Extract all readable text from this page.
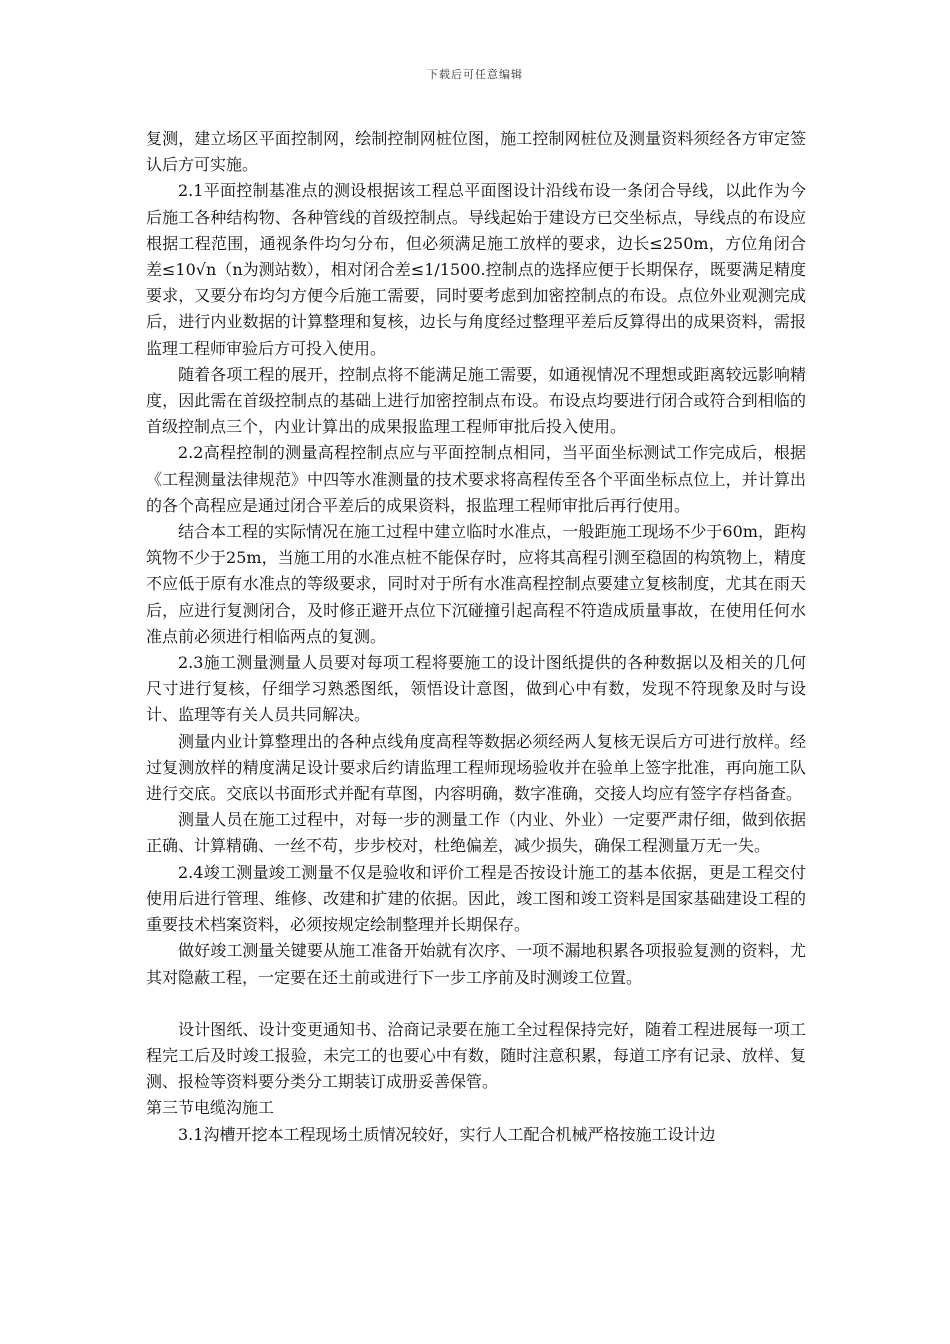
下载后可任意编辑

复测，建立场区平面控制网，绘制控制网桩位图，施工控制网桩位及测量资料须经各方审定签认后方可实施。

2.1平面控制基准点的测设根据该工程总平面图设计沿线布设一条闭合导线，以此作为今后施工各种结构物、各种管线的首级控制点。导线起始于建设方已交坐标点，导线点的布设应根据工程范围，通视条件均匀分布，但必须满足施工放样的要求，边长≤250m，方位角闭合差≤10√n（n为测站数），相对闭合差≤1/1500.控制点的选择应便于长期保存，既要满足精度要求，又要分布均匀方便今后施工需要，同时要考虑到加密控制点的布设。点位外业观测完成后，进行内业数据的计算整理和复核，边长与角度经过整理平差后反算得出的成果资料，需报监理工程师审验后方可投入使用。

随着各项工程的展开，控制点将不能满足施工需要，如通视情况不理想或距离较远影响精度，因此需在首级控制点的基础上进行加密控制点布设。布设点均要进行闭合或符合到相临的首级控制点三个，内业计算出的成果报监理工程师审批后投入使用。

2.2高程控制的测量高程控制点应与平面控制点相同，当平面坐标测试工作完成后，根据《工程测量法律规范》中四等水准测量的技术要求将高程传至各个平面坐标点位上，并计算出的各个高程应是通过闭合平差后的成果资料，报监理工程师审批后再行使用。

结合本工程的实际情况在施工过程中建立临时水准点，一般距施工现场不少于60m，距构筑物不少于25m，当施工用的水准点桩不能保存时，应将其高程引测至稳固的构筑物上，精度不应低于原有水准点的等级要求，同时对于所有水准高程控制点要建立复核制度，尤其在雨天后，应进行复测闭合，及时修正避开点位下沉碰撞引起高程不符造成质量事故，在使用任何水准点前必须进行相临两点的复测。

2.3施工测量测量人员要对每项工程将要施工的设计图纸提供的各种数据以及相关的几何尺寸进行复核，仔细学习熟悉图纸，领悟设计意图，做到心中有数，发现不符现象及时与设计、监理等有关人员共同解决。

测量内业计算整理出的各种点线角度高程等数据必须经两人复核无误后方可进行放样。经过复测放样的精度满足设计要求后约请监理工程师现场验收并在验单上签字批准，再向施工队进行交底。交底以书面形式并配有草图，内容明确，数字准确，交接人均应有签字存档备查。

测量人员在施工过程中，对每一步的测量工作（内业、外业）一定要严肃仔细，做到依据正确、计算精确、一丝不苟，步步校对，杜绝偏差，减少损失，确保工程测量万无一失。

2.4竣工测量竣工测量不仅是验收和评价工程是否按设计施工的基本依据，更是工程交付使用后进行管理、维修、改建和扩建的依据。因此，竣工图和竣工资料是国家基础建设工程的重要技术档案资料，必须按规定绘制整理并长期保存。

做好竣工测量关键要从施工准备开始就有次序、一项不漏地积累各项报验复测的资料，尤其对隐蔽工程，一定要在还土前或进行下一步工序前及时测竣工位置。

设计图纸、设计变更通知书、洽商记录要在施工全过程保持完好，随着工程进展每一项工程完工后及时竣工报验，未完工的也要心中有数，随时注意积累，每道工序有记录、放样、复测、报检等资料要分类分工期装订成册妥善保管。

第三节电缆沟施工

3.1沟槽开挖本工程现场土质情况较好，实行人工配合机械严格按施工设计边
